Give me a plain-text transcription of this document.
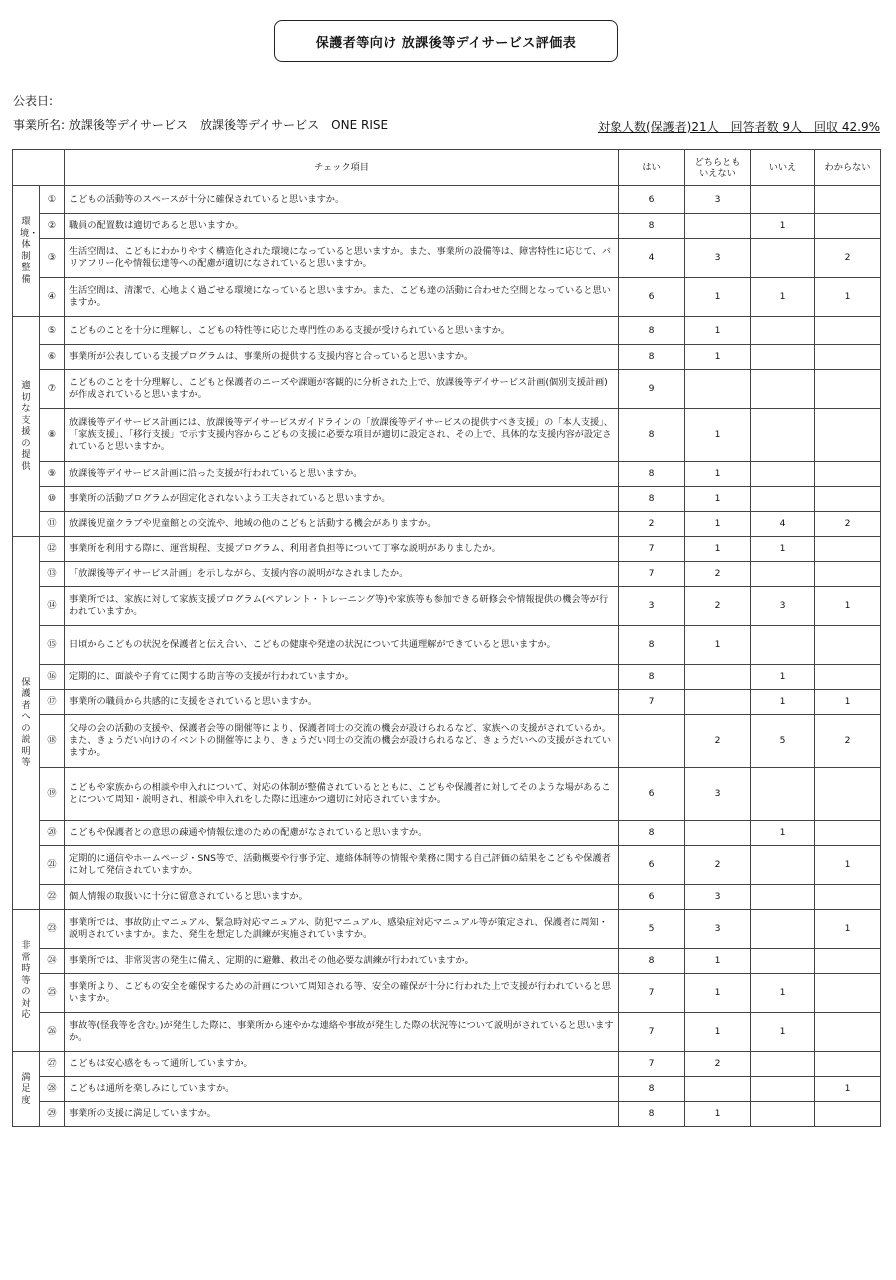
保護者等向け 放課後等デイサービス評価表
公表日:
事業所名: 放課後等デイサービス　放課後等デイサービス　ONE RISE	対象人数(保護者)21人　回答者数 9人　回収 42.9%
		チェック項目	はい	どちらとも
いえない	いいえ	わからない
環境・体制整備	①	こどもの活動等のスペースが十分に確保されていると思いますか。	6	3		
	②	職員の配置数は適切であると思いますか。	8		1	
	③	生活空間は、こどもにわかりやすく構造化された環境になっていると思いますか。また、事業所の設備等は、障害特性に応じて、バリアフリー化や情報伝達等への配慮が適切になされていると思いますか。	4	3		2
	④	生活空間は、清潔で、心地よく過ごせる環境になっていると思いますか。また、こども達の活動に合わせた空間となっていると思いますか。	6	1	1	1
適切な支援の提供	⑤	こどものことを十分に理解し、こどもの特性等に応じた専門性のある支援が受けられていると思いますか。	8	1		
	⑥	事業所が公表している支援プログラムは、事業所の提供する支援内容と合っていると思いますか。	8	1		
	⑦	こどものことを十分理解し、こどもと保護者のニーズや課題が客観的に分析された上で、放課後等デイサービス計画(個別支援計画)が作成されていると思いますか。	9			
	⑧	放課後等デイサービス計画には、放課後等デイサービスガイドラインの「放課後等デイサービスの提供すべき支援」の「本人支援」、「家族支援」、「移行支援」で示す支援内容からこどもの支援に必要な項目が適切に設定され、その上で、具体的な支援内容が設定されていると思いますか。	8	1		
	⑨	放課後等デイサービス計画に沿った支援が行われていると思いますか。	8	1		
	⑩	事業所の活動プログラムが固定化されないよう工夫されていると思いますか。	8	1		
	⑪	放課後児童クラブや児童館との交流や、地域の他のこどもと活動する機会がありますか。	2	1	4	2
保護者への説明等	⑫	事業所を利用する際に、運営規程、支援プログラム、利用者負担等について丁寧な説明がありましたか。	7	1	1	
	⑬	「放課後等デイサービス計画」を示しながら、支援内容の説明がなされましたか。	7	2		
	⑭	事業所では、家族に対して家族支援プログラム(ペアレント・トレーニング等)や家族等も参加できる研修会や情報提供の機会等が行われていますか。	3	2	3	1
	⑮	日頃からこどもの状況を保護者と伝え合い、こどもの健康や発達の状況について共通理解ができていると思いますか。	8	1		
	⑯	定期的に、面談や子育てに関する助言等の支援が行われていますか。	8		1	
	⑰	事業所の職員から共感的に支援をされていると思いますか。	7		1	1
	⑱	父母の会の活動の支援や、保護者会等の開催等により、保護者同士の交流の機会が設けられるなど、家族への支援がされているか。また、きょうだい向けのイベントの開催等により、きょうだい同士の交流の機会が設けられるなど、きょうだいへの支援がされていますか。		2	5	2
	⑲	こどもや家族からの相談や申入れについて、対応の体制が整備されているとともに、こどもや保護者に対してそのような場があることについて周知・説明され、相談や申入れをした際に迅速かつ適切に対応されていますか。	6	3		
	⑳	こどもや保護者との意思の疎通や情報伝達のための配慮がなされていると思いますか。	8		1	
	㉑	定期的に通信やホームページ・SNS等で、活動概要や行事予定、連絡体制等の情報や業務に関する自己評価の結果をこどもや保護者に対して発信されていますか。	6	2		1
	㉒	個人情報の取扱いに十分に留意されていると思いますか。	6	3		
非常時等の対応	㉓	事業所では、事故防止マニュアル、緊急時対応マニュアル、防犯マニュアル、感染症対応マニュアル等が策定され、保護者に周知・説明されていますか。また、発生を想定した訓練が実施されていますか。	5	3		1
	㉔	事業所では、非常災害の発生に備え、定期的に避難、救出その他必要な訓練が行われていますか。	8	1		
	㉕	事業所より、こどもの安全を確保するための計画について周知される等、安全の確保が十分に行われた上で支援が行われていると思いますか。	7	1	1	
	㉖	事故等(怪我等を含む。)が発生した際に、事業所から速やかな連絡や事故が発生した際の状況等について説明がされていると思いますか。	7	1	1	
満足度	㉗	こどもは安心感をもって通所していますか。	7	2		
	㉘	こどもは通所を楽しみにしていますか。	8			1
	㉙	事業所の支援に満足していますか。	8	1		
